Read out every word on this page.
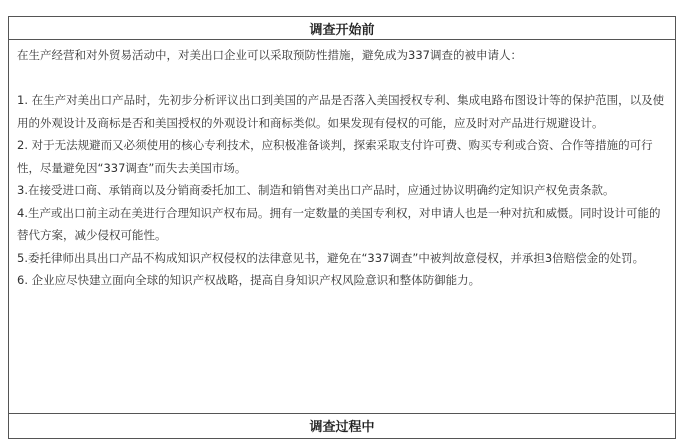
调查开始前

在生产经营和对外贸易活动中，对美出口企业可以采取预防性措施，避免成为337调查的被申请人：

1. 在生产对美出口产品时，先初步分析评议出口到美国的产品是否落入美国授权专利、集成电路布图设计等的保护范围，以及使用的外观设计及商标是否和美国授权的外观设计和商标类似。如果发现有侵权的可能，应及时对产品进行规避设计。

2. 对于无法规避而又必须使用的核心专利技术，应积极准备谈判，探索采取支付许可费、购买专利或合资、合作等措施的可行性，尽量避免因“337调查”而失去美国市场。

3.在接受进口商、承销商以及分销商委托加工、制造和销售对美出口产品时，应通过协议明确约定知识产权免责条款。

4.生产或出口前主动在美进行合理知识产权布局。拥有一定数量的美国专利权，对申请人也是一种对抗和威慑。同时设计可能的替代方案，减少侵权可能性。

5.委托律师出具出口产品不构成知识产权侵权的法律意见书，避免在“337调查”中被判故意侵权，并承担3倍赔偿金的处罚。

6. 企业应尽快建立面向全球的知识产权战略，提高自身知识产权风险意识和整体防御能力。

调查过程中
